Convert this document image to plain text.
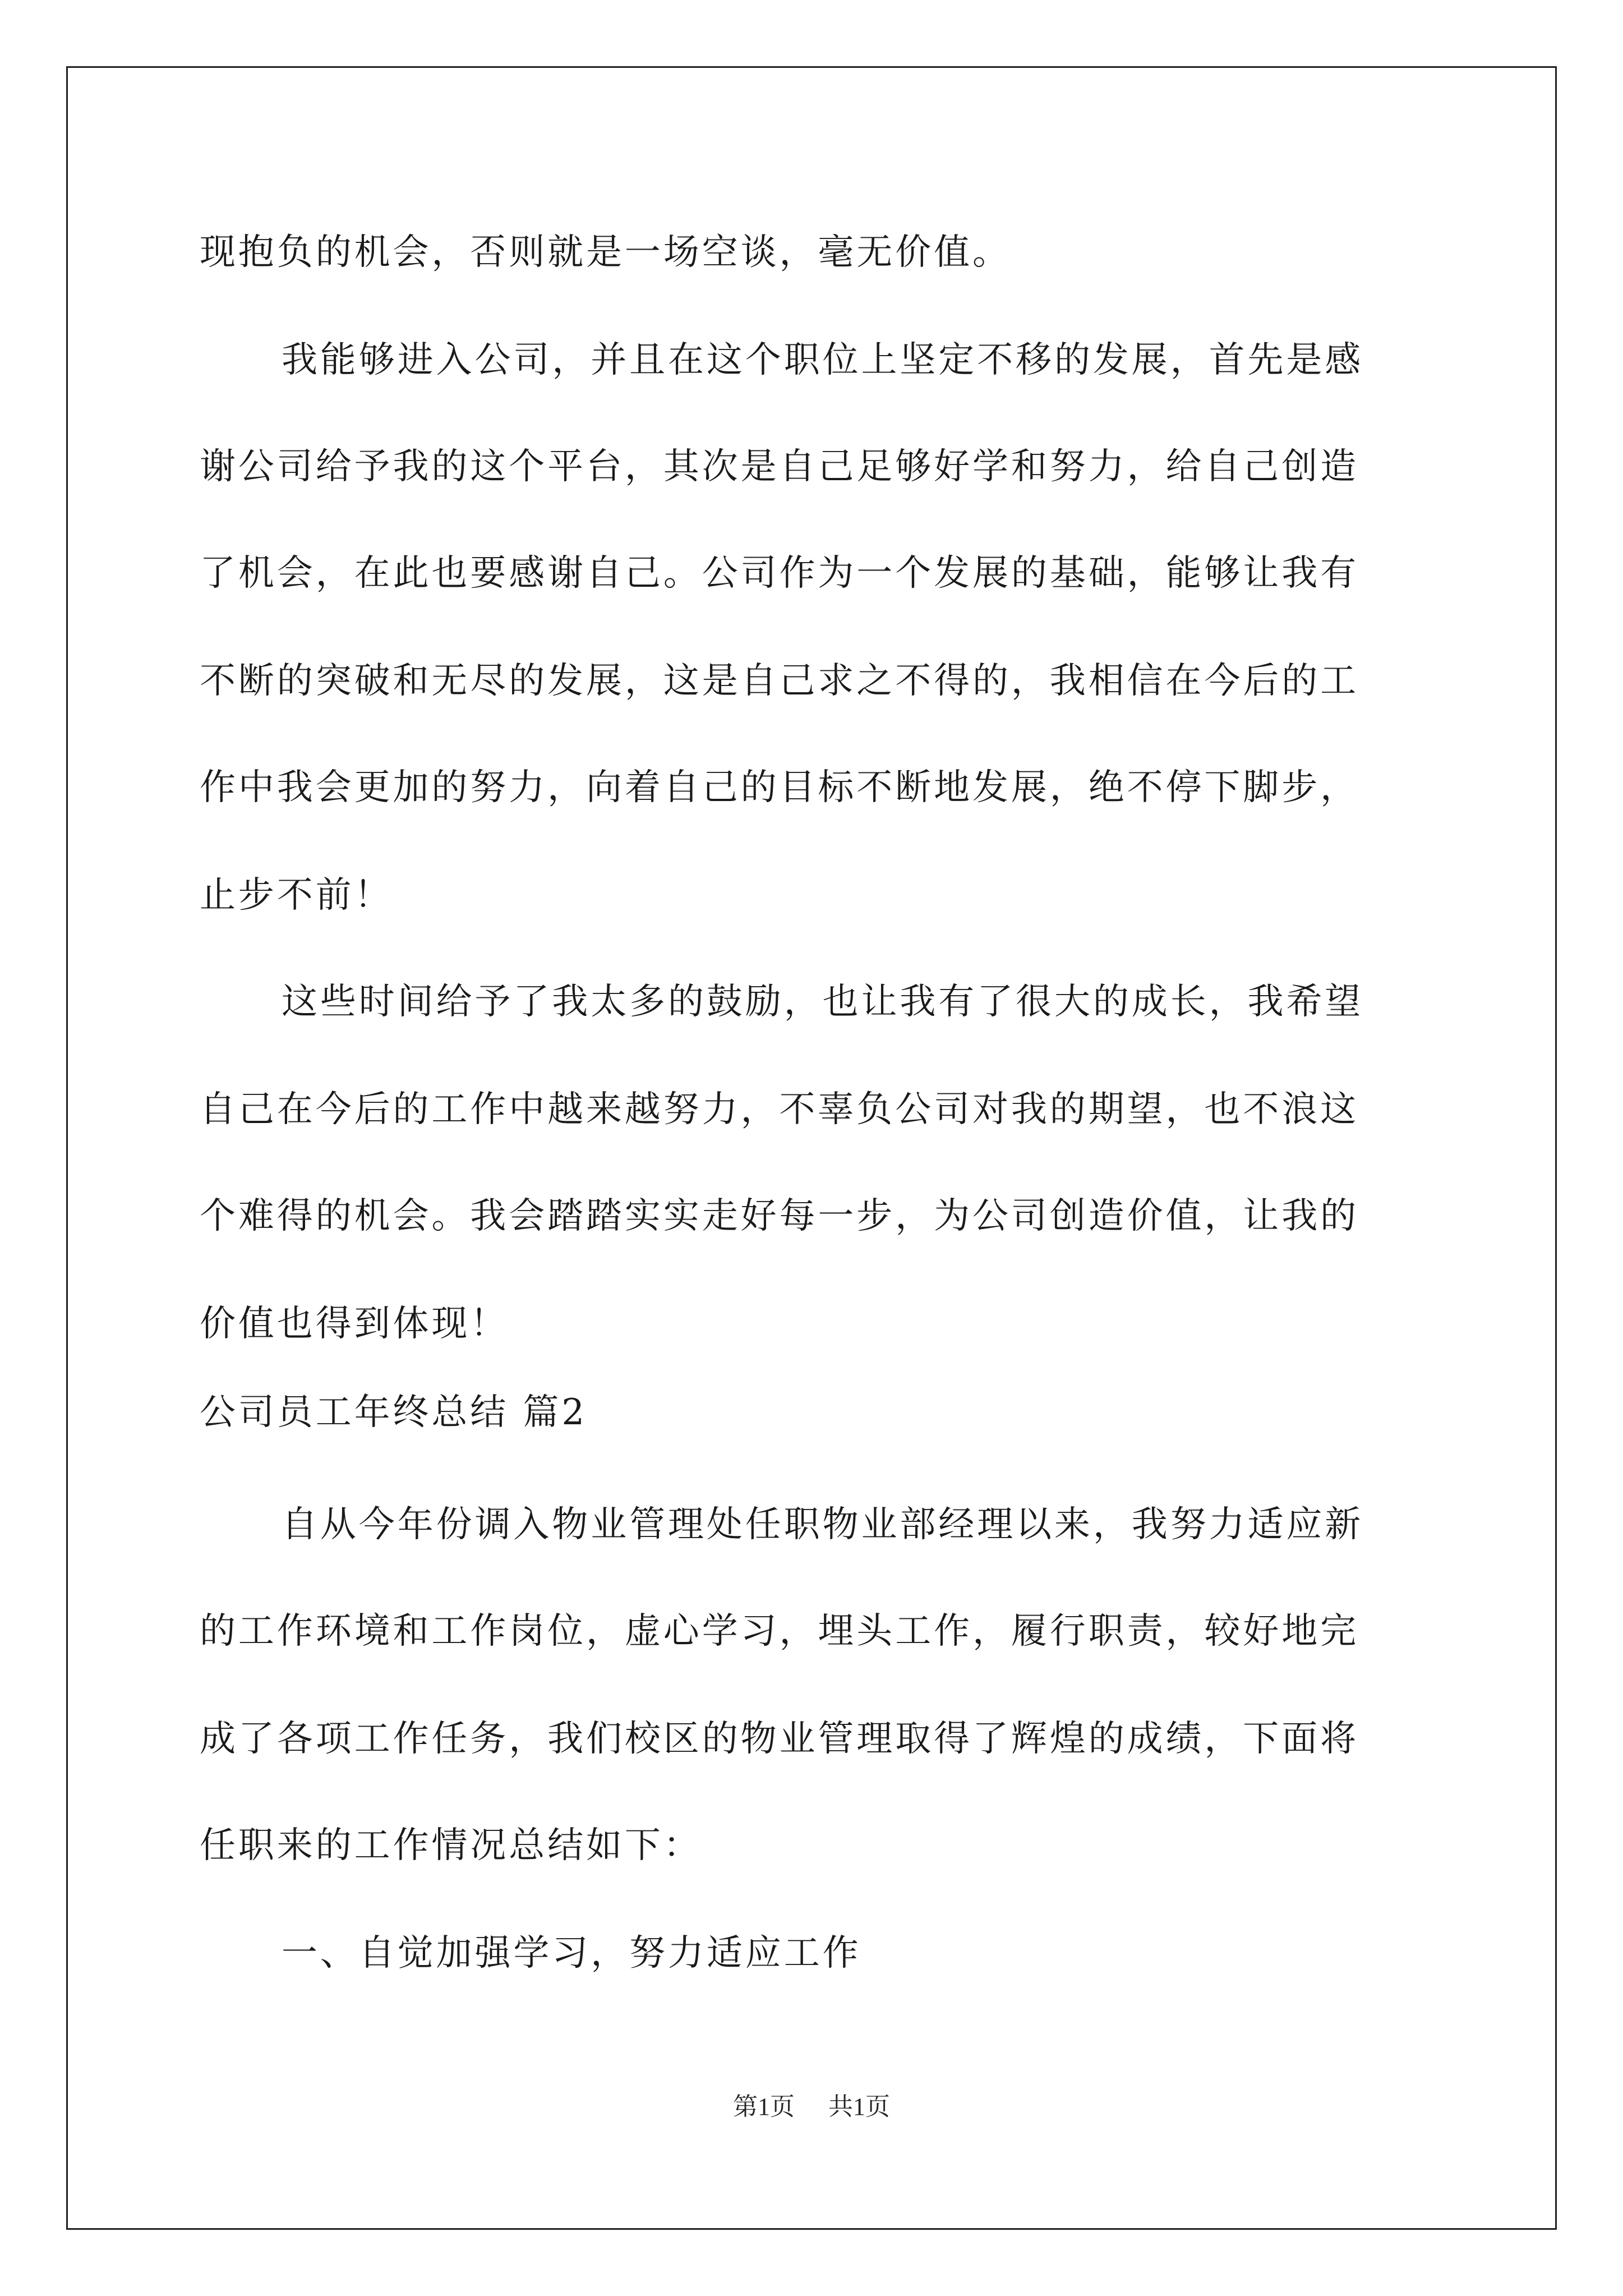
现抱负的机会，否则就是一场空谈，毫无价值。
我能够进入公司，并且在这个职位上坚定不移的发展，首先是感
谢公司给予我的这个平台，其次是自己足够好学和努力，给自己创造
了机会，在此也要感谢自己。公司作为一个发展的基础，能够让我有
不断的突破和无尽的发展，这是自己求之不得的，我相信在今后的工
作中我会更加的努力，向着自己的目标不断地发展，绝不停下脚步，
止步不前！
这些时间给予了我太多的鼓励，也让我有了很大的成长，我希望
自己在今后的工作中越来越努力，不辜负公司对我的期望，也不浪这
个难得的机会。我会踏踏实实走好每一步，为公司创造价值，让我的
价值也得到体现！
公司员工年终总结 篇2
自从今年份调入物业管理处任职物业部经理以来，我努力适应新
的工作环境和工作岗位，虚心学习，埋头工作，履行职责，较好地完
成了各项工作任务，我们校区的物业管理取得了辉煌的成绩，下面将
任职来的工作情况总结如下：
一、自觉加强学习，努力适应工作
第1页 共1页
